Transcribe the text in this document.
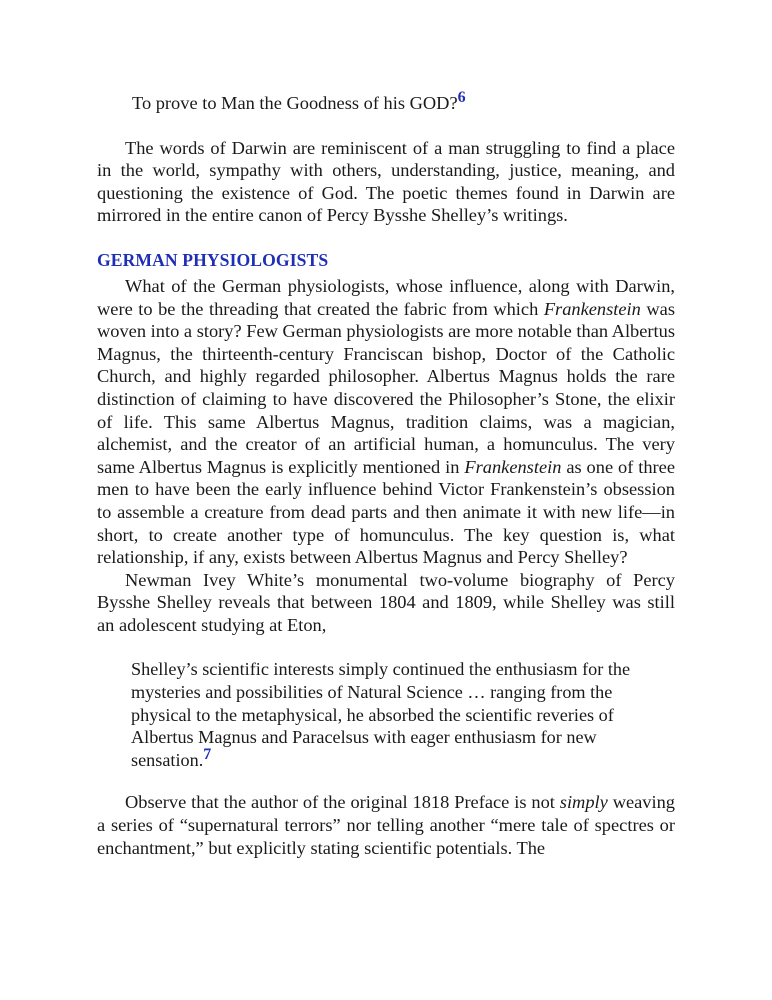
To prove to Man the Goodness of his GOD?6

The words of Darwin are reminiscent of a man struggling to find a place in the world, sympathy with others, understanding, justice, meaning, and questioning the existence of God. The poetic themes found in Darwin are mirrored in the entire canon of Percy Bysshe Shelley’s writings.

GERMAN PHYSIOLOGISTS

What of the German physiologists, whose influence, along with Darwin, were to be the threading that created the fabric from which Frankenstein was woven into a story? Few German physiologists are more notable than Albertus Magnus, the thirteenth-century Franciscan bishop, Doctor of the Catholic Church, and highly regarded philosopher. Albertus Magnus holds the rare distinction of claiming to have discovered the Philosopher’s Stone, the elixir of life. This same Albertus Magnus, tradition claims, was a magician, alchemist, and the creator of an artificial human, a homunculus. The very same Albertus Magnus is explicitly mentioned in Frankenstein as one of three men to have been the early influence behind Victor Frankenstein’s obsession to assemble a creature from dead parts and then animate it with new life—in short, to create another type of homunculus. The key question is, what relationship, if any, exists between Albertus Magnus and Percy Shelley?

Newman Ivey White’s monumental two-volume biography of Percy Bysshe Shelley reveals that between 1804 and 1809, while Shelley was still an adolescent studying at Eton,

Shelley’s scientific interests simply continued the enthusiasm for the mysteries and possibilities of Natural Science … ranging from the physical to the metaphysical, he absorbed the scientific reveries of Albertus Magnus and Paracelsus with eager enthusiasm for new sensation.7

Observe that the author of the original 1818 Preface is not simply weaving a series of “supernatural terrors” nor telling another “mere tale of spectres or enchantment,” but explicitly stating scientific potentials. The
